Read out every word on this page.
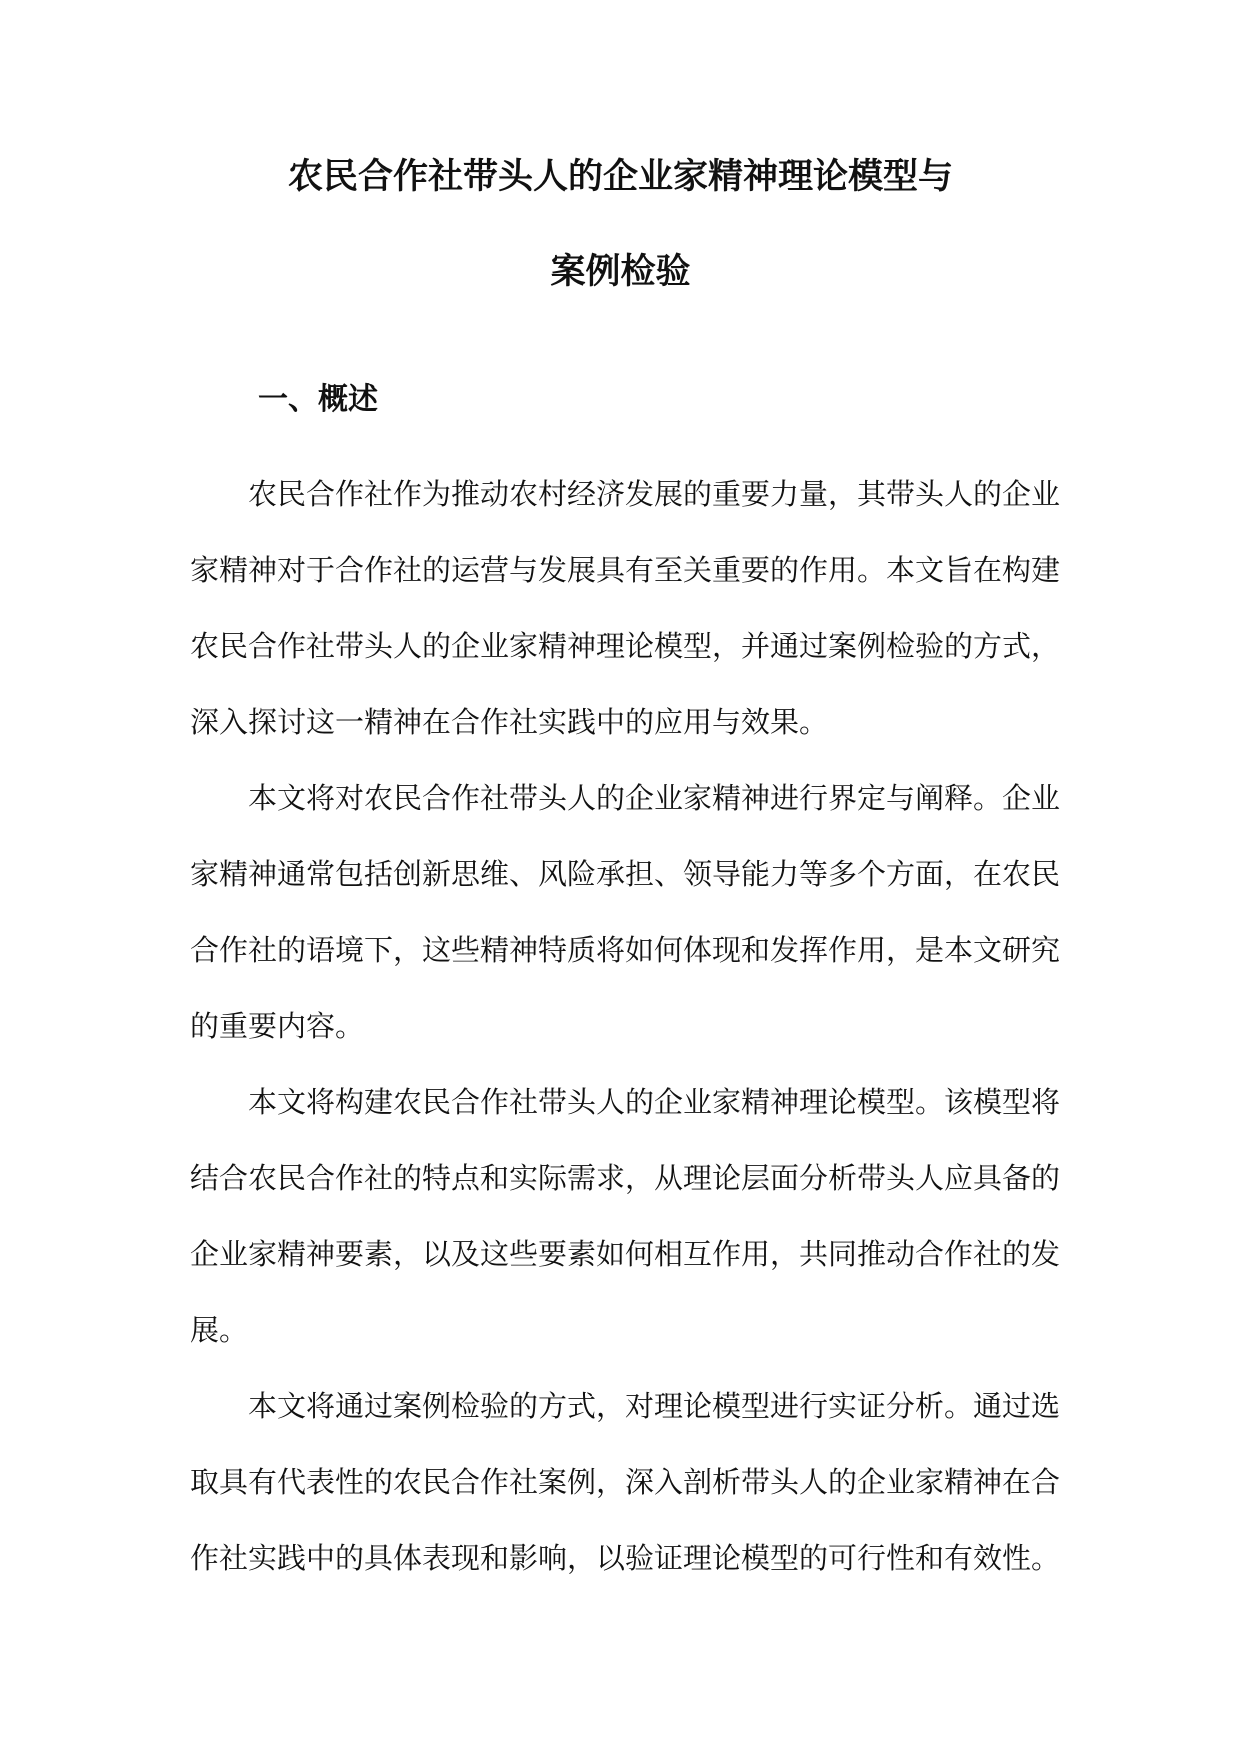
农民合作社带头人的企业家精神理论模型与
案例检验
一、概述
农民合作社作为推动农村经济发展的重要力量，其带头人的企业
家精神对于合作社的运营与发展具有至关重要的作用。本文旨在构建
农民合作社带头人的企业家精神理论模型，并通过案例检验的方式，
深入探讨这一精神在合作社实践中的应用与效果。
本文将对农民合作社带头人的企业家精神进行界定与阐释。企业
家精神通常包括创新思维、风险承担、领导能力等多个方面，在农民
合作社的语境下，这些精神特质将如何体现和发挥作用，是本文研究
的重要内容。
本文将构建农民合作社带头人的企业家精神理论模型。该模型将
结合农民合作社的特点和实际需求，从理论层面分析带头人应具备的
企业家精神要素，以及这些要素如何相互作用，共同推动合作社的发
展。
本文将通过案例检验的方式，对理论模型进行实证分析。通过选
取具有代表性的农民合作社案例，深入剖析带头人的企业家精神在合
作社实践中的具体表现和影响，以验证理论模型的可行性和有效性。
